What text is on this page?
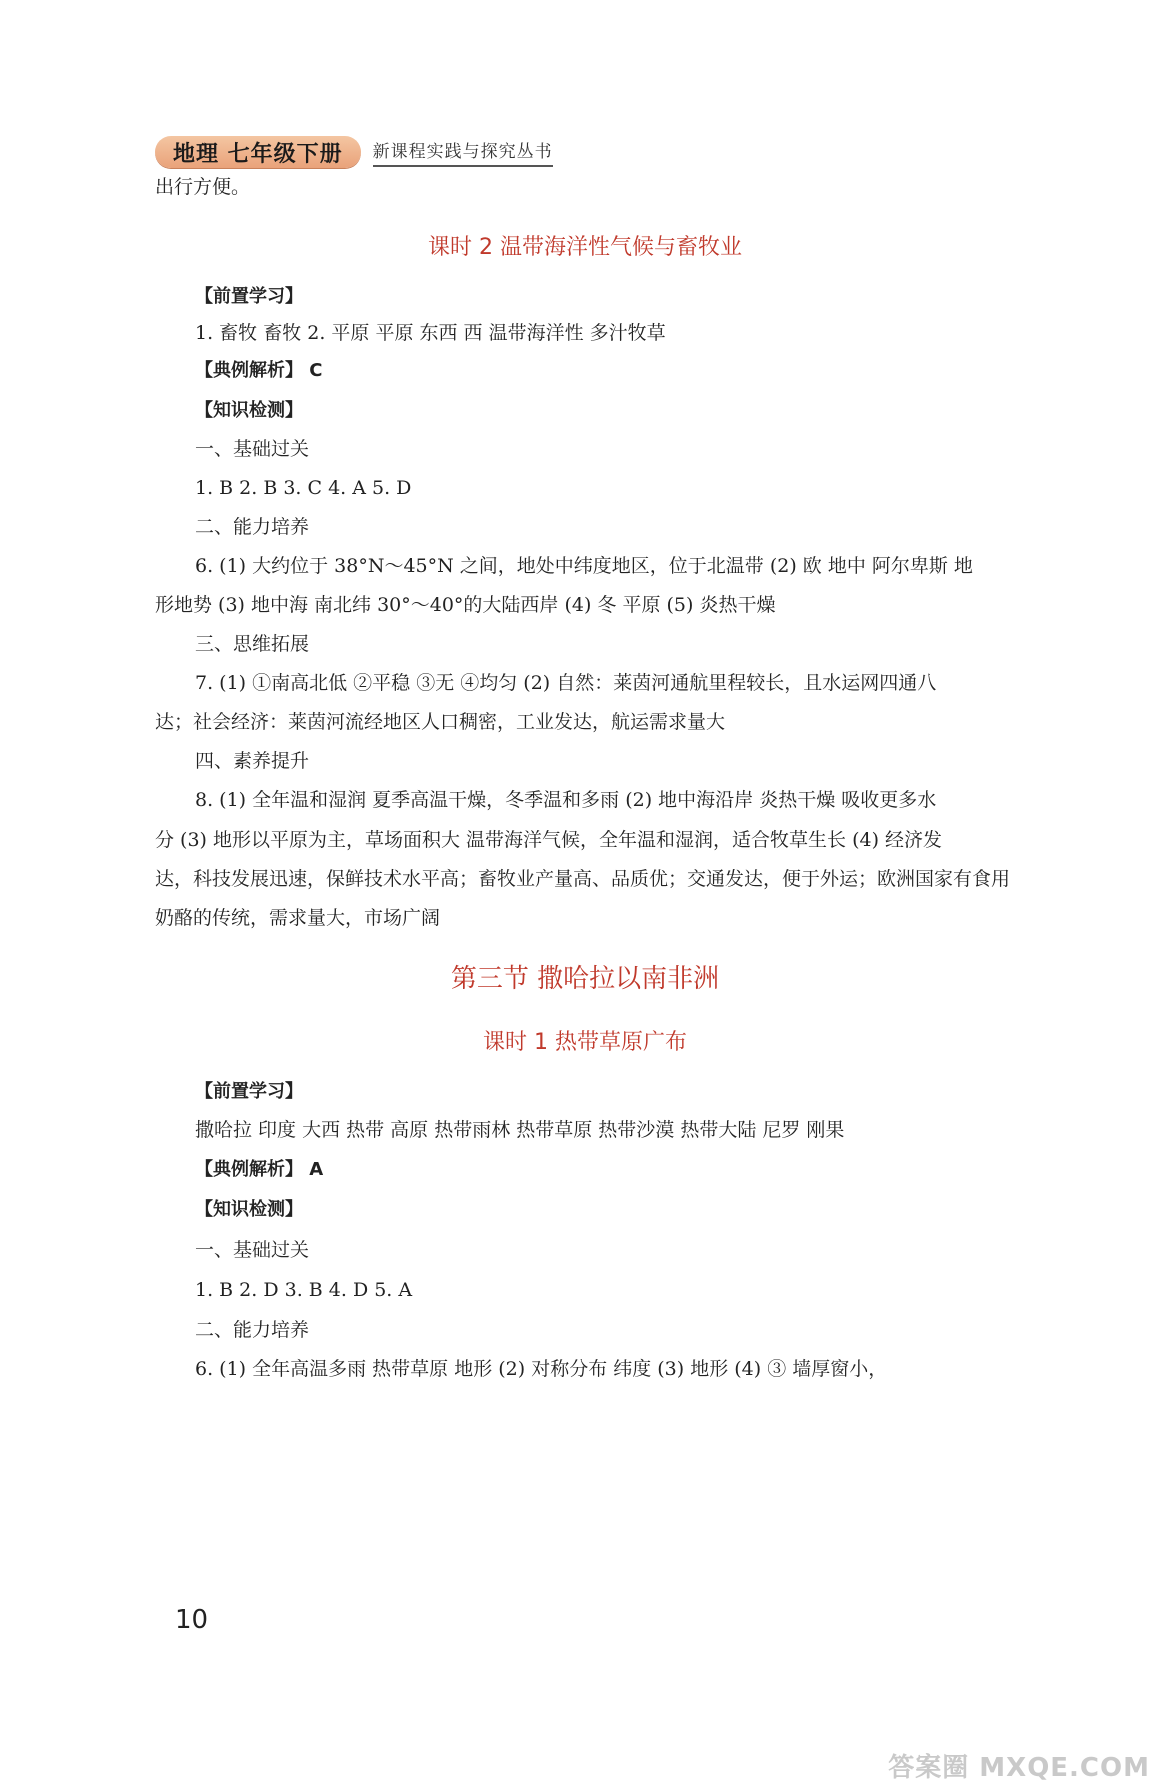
地理 七年级下册	新课程实践与探究丛书
出行方便。
课时 2 温带海洋性气候与畜牧业
【前置学习】
1. 畜牧 畜牧 2. 平原 平原 东西 西 温带海洋性 多汁牧草
【典例解析】 C
【知识检测】
一、基础过关
1. B 2. B 3. C 4. A 5. D
二、能力培养
6. (1) 大约位于 38°N～45°N 之间，地处中纬度地区，位于北温带 (2) 欧 地中 阿尔卑斯 地
形地势 (3) 地中海 南北纬 30°～40°的大陆西岸 (4) 冬 平原 (5) 炎热干燥
三、思维拓展
7. (1) ①南高北低 ②平稳 ③无 ④均匀 (2) 自然：莱茵河通航里程较长，且水运网四通八
达；社会经济：莱茵河流经地区人口稠密，工业发达，航运需求量大
四、素养提升
8. (1) 全年温和湿润 夏季高温干燥，冬季温和多雨 (2) 地中海沿岸 炎热干燥 吸收更多水
分 (3) 地形以平原为主，草场面积大 温带海洋气候，全年温和湿润，适合牧草生长 (4) 经济发
达，科技发展迅速，保鲜技术水平高；畜牧业产量高、品质优；交通发达，便于外运；欧洲国家有食用
奶酪的传统，需求量大，市场广阔
第三节 撒哈拉以南非洲
课时 1 热带草原广布
【前置学习】
撒哈拉 印度 大西 热带 高原 热带雨林 热带草原 热带沙漠 热带大陆 尼罗 刚果
【典例解析】 A
【知识检测】
一、基础过关
1. B 2. D 3. B 4. D 5. A
二、能力培养
6. (1) 全年高温多雨 热带草原 地形 (2) 对称分布 纬度 (3) 地形 (4) ③ 墙厚窗小，
10
答案圈 MXQE.COM
